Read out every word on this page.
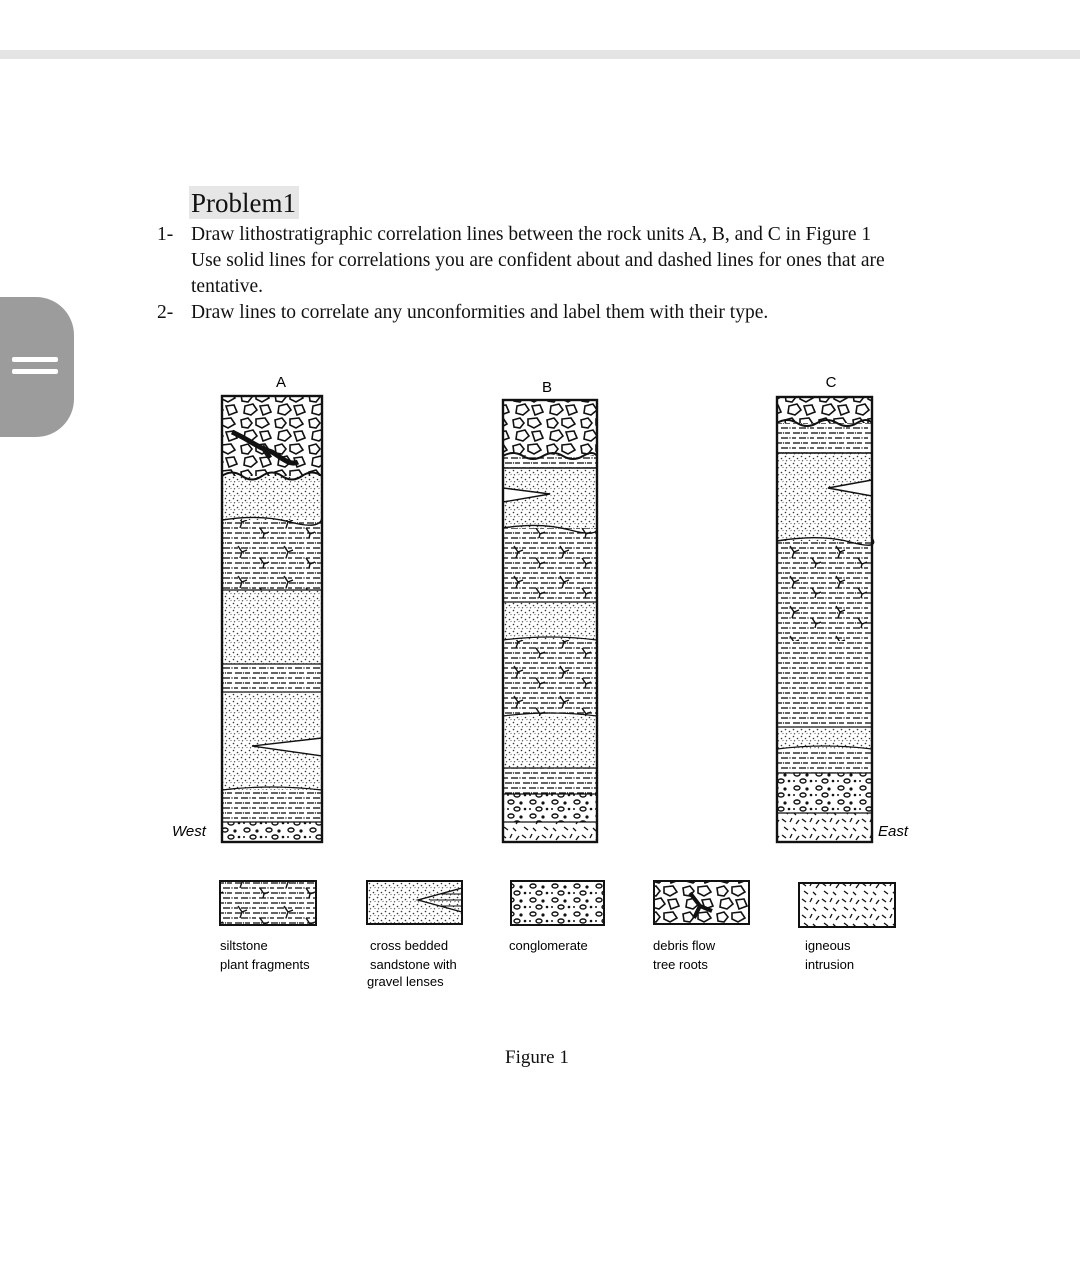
Problem1
1- Draw lithostratigraphic correlation lines between the rock units A, B, and C in Figure 1
Use solid lines for correlations you are confident about and dashed lines for ones that are
tentative.
2- Draw lines to correlate any unconformities and label them with their type.
A	B	C
West	East
siltstone
plant fragments
cross bedded
sandstone with
gravel lenses
conglomerate	debris flow
tree roots
igneous
intrusion
Figure 1
